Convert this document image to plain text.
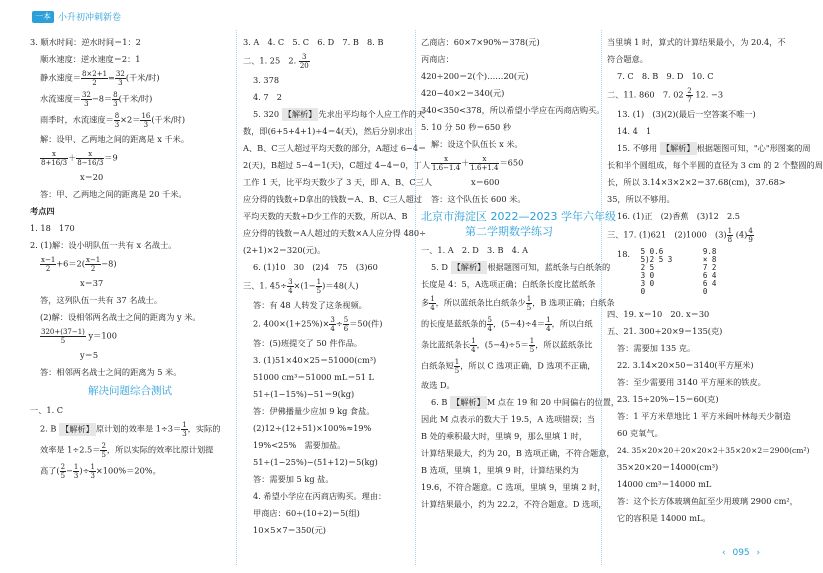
一本 小升初冲刺新卷

3. 顺水时间：逆水时间＝1：2

顺水速度：逆水速度＝2：1

静水速度＝ $\frac{8\times 2+1}{2} = \frac{32}{3}$ (千米/时)

水流速度＝ $\frac{32}{3} -8= \frac{8}{3}$ (千米/时)

雨季时，水流速度＝ $\frac{8}{3} \times 2= \frac{16}{3}$ (千米/时)

解：设甲、乙两地之间的距离是 x 千米。

$\frac{x}{8+16/3} + \frac{x}{8-16/3} =9$

x＝20

答：甲、乙两地之间的距离是 20 千米。

考点四

1. 18　170

2. (1)解：设小明队伍一共有 x 名战士。

$\frac{x-1}{2} +6=2( \frac{x-1}{2} -8)$

x＝37

答，这列队伍一共有 37 名战士。

(2)解：设相邻两名战士之间的距离为 y 米。

$\frac{320+(37-1)}{5} y=100$

y＝5

答：相邻两名战士之间的距离为 5 米。

解决问题综合测试

一、1. C

2. B 【解析】 原计划的效率是 $1\div 3= \frac{1}{3}$ ，实际的

效率是 $1\div 2.5= \frac{2}{5}$ ，所以实际的效率比原计划提

高了( $\frac{2}{5} - \frac{1}{3}$ )÷ $\frac{1}{3} \times 100\%=20\%$。

3. A　4. C　5. C　6. D　7. B　8. B

二、1. 25　2. $\frac{3}{20}$

3. 378

4. 7　2

5. 320 【解析】 先求出平均每个人应工作的天

数，即(6+5+4+1)÷4＝4(天)，然后分别求出

A、B、C三人超过平均天数的部分，A超过 6−4＝

2(天)，B超过 5−4＝1(天)，C超过 4−4＝0，丁人

工作 1 天，比平均天数少了 3 天，即 A、B、C三人

应分得的钱数÷D拿出的钱数＝A、B、C三人超过

平均天数的天数÷D少工作的天数，所以A、B

应分得的钱数＝A人超过的天数×A人应分得 480÷

(2+1)×2＝320(元)。

6. (1)10　30　(2)4　75　(3)60

三、1. $45\div \frac{3}{4} \times(1- \frac{1}{5} )=48$(人)

答：有 48 人转发了这条视频。

2. $400\times(1+25\%)\times \frac{3}{4} \div \frac{5}{6} =50$(件)

答：(5)班提交了 50 件作品。

3. (1)51×40×25＝51000(cm³)

51000 cm³＝51000 mL＝51 L

51÷(1−15%)−51＝9(kg)

答：伊佛播量少应加 9 kg 食盐。

(2)12÷(12+51)×100%≈19%

19%<25%　需要加盐。

51÷(1−25%)−(51+12)＝5(kg)

答：需要加 5 kg 盐。

4. 希望小学应在丙商店购买。理由：

甲商店：60÷(10÷2)＝5(组)

10×5×7＝350(元)

乙商店：60×7×90%＝378(元)

丙商店：

420÷200＝2(个)……20(元)

420−40×2＝340(元)

340<350<378，所以希望小学应在丙商店购买。

5. 10 分 50 秒＝650 秒

解：设这个队伍长 x 米。

$\frac{x}{1.6-1.4} + \frac{x}{1.6+1.4} =650$

x＝600

答：这个队伍长 600 米。

北京市海淀区 2022—2023 学年六年级
第二学期数学练习

一、1. A　2. D　3. B　4. A

5. D 【解析】 根据题图可知，蓝纸条与白纸条的

长度是 4：5，A选项正确；白纸条长度比蓝纸条

多 $\frac{1}{4}$ ，所以蓝纸条比白纸条少 $\frac{1}{5}$ ，B 选项正确；白纸条

的长度是蓝纸条的 $\frac{5}{4}$ ，$(5-4)\div 4= \frac{1}{4}$ ，所以白纸

条比蓝纸条长 $\frac{1}{4}$ ，$(5-4)\div 5= \frac{1}{5}$ ，所以蓝纸条比

白纸条短 $\frac{1}{5}$ ，所以 C 选项正确，D 选项不正确，

故选 D。

6. B 【解析】 M 点在 19 和 20 中间偏右的位置，

因此 M 点表示的数大于 19.5，A 选项错误；当

B 处的乘积最大时，里填 9，那么里填 1 时，

计算结果最大，约为 20，B 选项正确，不符合题意，

B 选项，里填 1，里填 9 时，计算结果约为

19.6，不符合题意。C 选项，里填 9，里填 2 时，

计算结果最小，约为 22.2，不符合题意。D 选项，

当里填 1 时，算式的计算结果最小，为 20.4，不

符合题意。

7. C　8. B　9. D　10. C

二、11. 860　7. $02 \frac{2}{7} 12$. −3

13. (1)　(3)(2)(最后一空答案不唯一)

14. 4　1

15. 不够用 【解析】 根据题图可知，"心"形图案的周

长和半个圆组成，每个半圆的直径为 3 cm 的 2 个整圆的周

长，所以 3.14×3×2×2＝37.68(cm)，37.68>

35，所以不够用。

16. (1)正　(2)香蕉　(3)12　2.5

三、17. (1)621　(2)1000　$(3) \frac{1}{8} (4) \frac{4}{9}$

18. 5 0.6
5)2 5 3
2 5
3 0
3 0
0

9.8
× 8
7 2
6 4
6 4
0

四、19. x＝10　20. x＝30

五、21. 300÷20×9＝135(克)

答：需要加 135 克。

22. 3.14×20×50＝3140(平方厘米)

答：至少需要用 3140 平方厘米的铁皮。

23. 15÷20%−15＝60(克)

答：1 平方米草地比 1 平方米阔叶林每天少制造

60 克氧气。

24. 35×20×20＋20×20×2＋35×20×2＝2900(cm²)

35×20×20＝14000(cm³)

14000 cm³＝14000 mL

答：这个长方体玻璃鱼缸至少用玻璃 2900 cm²，

它的容积是 14000 mL。

‹ 095 ›
